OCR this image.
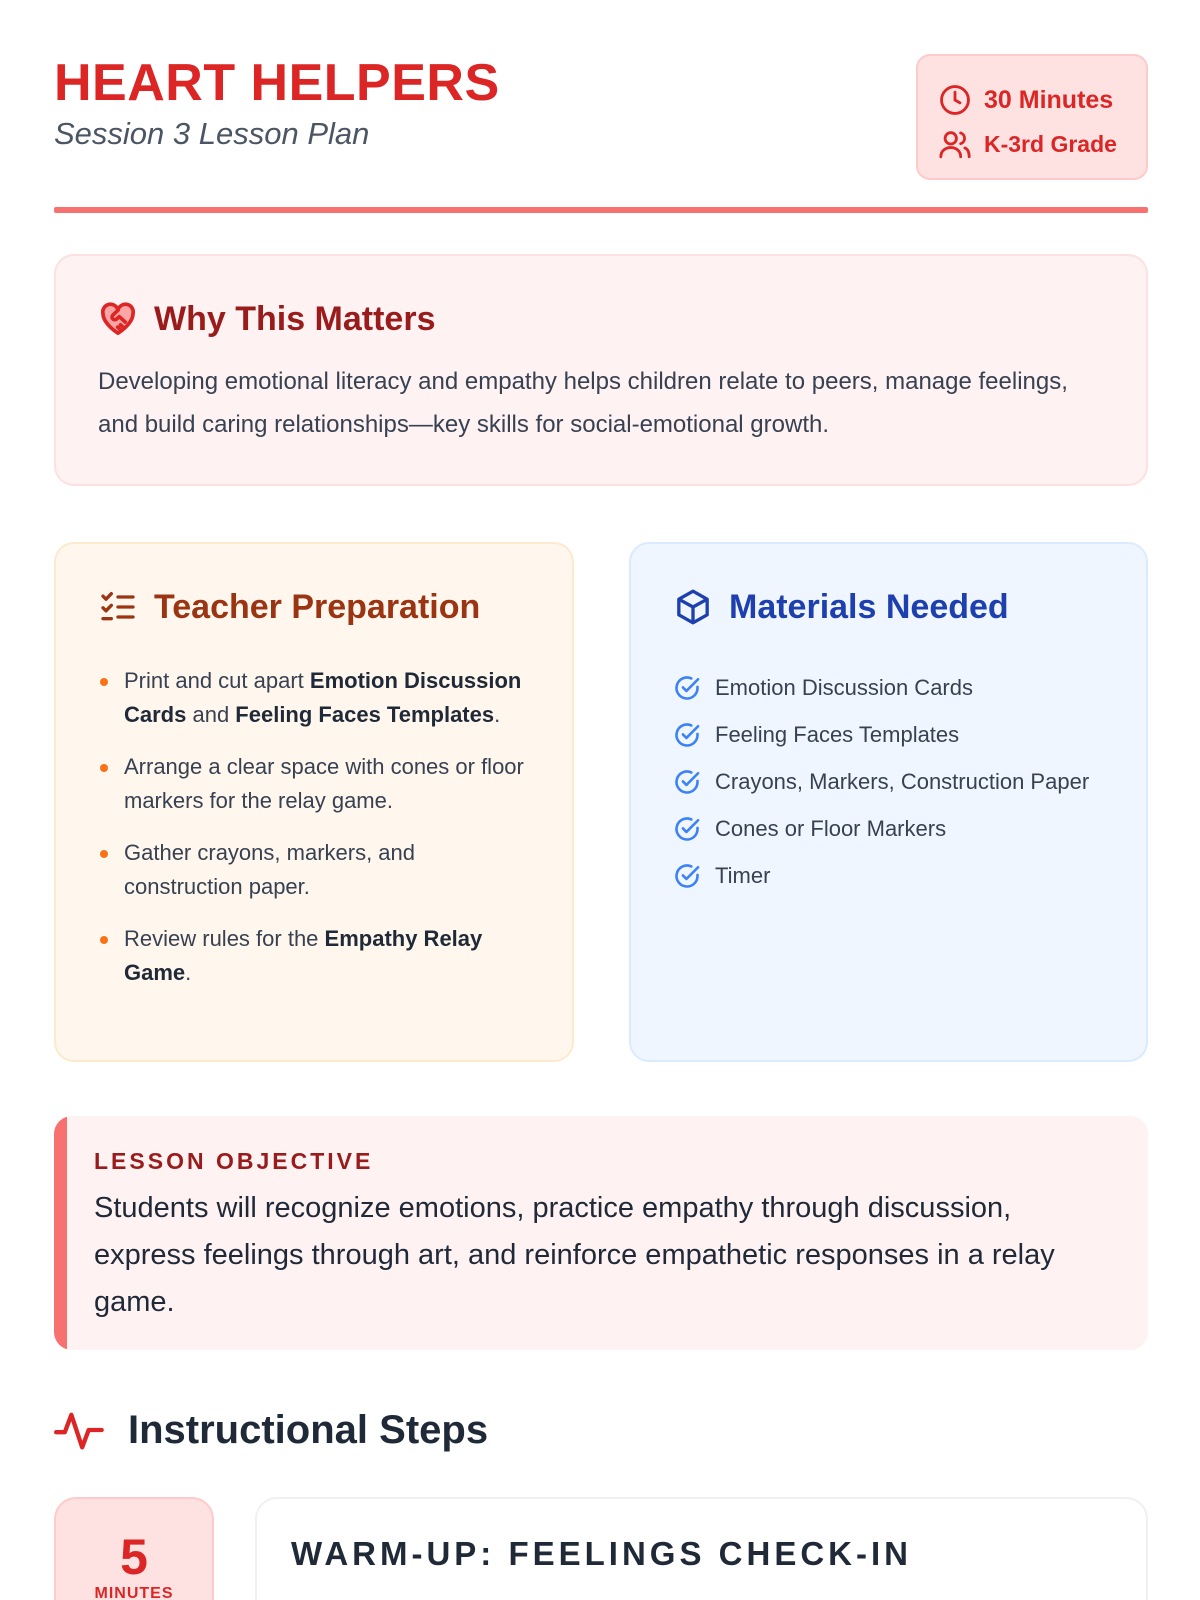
HEART HELPERS
Session 3 Lesson Plan
30 Minutes
K-3rd Grade
Why This Matters

Developing emotional literacy and empathy helps children relate to peers, manage feelings, and build caring relationships—key skills for social-emotional growth.

Teacher Preparation
Print and cut apart Emotion Discussion Cards and Feeling Faces Templates.
Arrange a clear space with cones or floor markers for the relay game.
Gather crayons, markers, and construction paper.
Review rules for the Empathy Relay Game.
Materials Needed
Emotion Discussion Cards
Feeling Faces Templates
Crayons, Markers, Construction Paper
Cones or Floor Markers
Timer
LESSON OBJECTIVE
Students will recognize emotions, practice empathy through discussion, express feelings through art, and reinforce empathetic responses in a relay game.
Instructional Steps
5
MINUTES
WARM-UP: FEELINGS CHECK-IN
